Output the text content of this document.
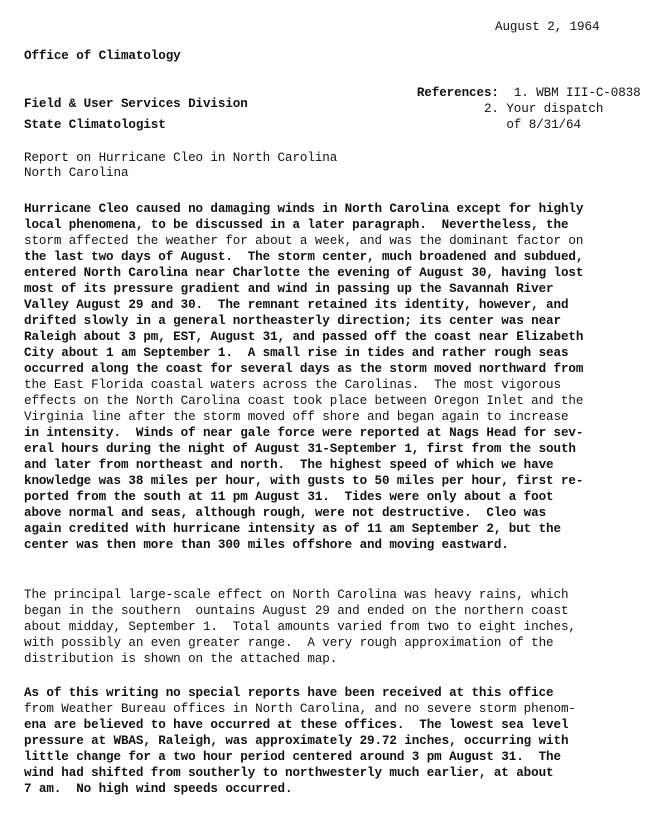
Office of Climatology

Field & User Services Division

August 2, 1964

References: 1. WBM III-C-0838
2. Your dispatch
of 8/31/64

State Climatologist

North Carolina

Report on Hurricane Cleo in North Carolina
Hurricane Cleo caused no damaging winds in North Carolina except for highly
local phenomena, to be discussed in a later paragraph.  Nevertheless, the
storm affected the weather for about a week, and was the dominant factor on
the last two days of August.  The storm center, much broadened and subdued,
entered North Carolina near Charlotte the evening of August 30, having lost
most of its pressure gradient and wind in passing up the Savannah River
Valley August 29 and 30.  The remnant retained its identity, however, and
drifted slowly in a general northeasterly direction; its center was near
Raleigh about 3 pm, EST, August 31, and passed off the coast near Elizabeth
City about 1 am September 1.  A small rise in tides and rather rough seas
occurred along the coast for several days as the storm moved northward from
the East Florida coastal waters across the Carolinas.  The most vigorous
effects on the North Carolina coast took place between Oregon Inlet and the
Virginia line after the storm moved off shore and began again to increase
in intensity.  Winds of near gale force were reported at Nags Head for sev-
eral hours during the night of August 31-September 1, first from the south
and later from northeast and north.  The highest speed of which we have
knowledge was 38 miles per hour, with gusts to 50 miles per hour, first re-
ported from the south at 11 pm August 31.  Tides were only about a foot
above normal and seas, although rough, were not destructive.  Cleo was
again credited with hurricane intensity as of 11 am September 2, but the
center was then more than 300 miles offshore and moving eastward.
The principal large-scale effect on North Carolina was heavy rains, which
began in the southern  ountains August 29 and ended on the northern coast
about midday, September 1.  Total amounts varied from two to eight inches,
with possibly an even greater range.  A very rough approximation of the
distribution is shown on the attached map.
As of this writing no special reports have been received at this office
from Weather Bureau offices in North Carolina, and no severe storm phenom-
ena are believed to have occurred at these offices.  The lowest sea level
pressure at WBAS, Raleigh, was approximately 29.72 inches, occurring with
little change for a two hour period centered around 3 pm August 31.  The
wind had shifted from southerly to northwesterly much earlier, at about
7 am.  No high wind speeds occurred.
